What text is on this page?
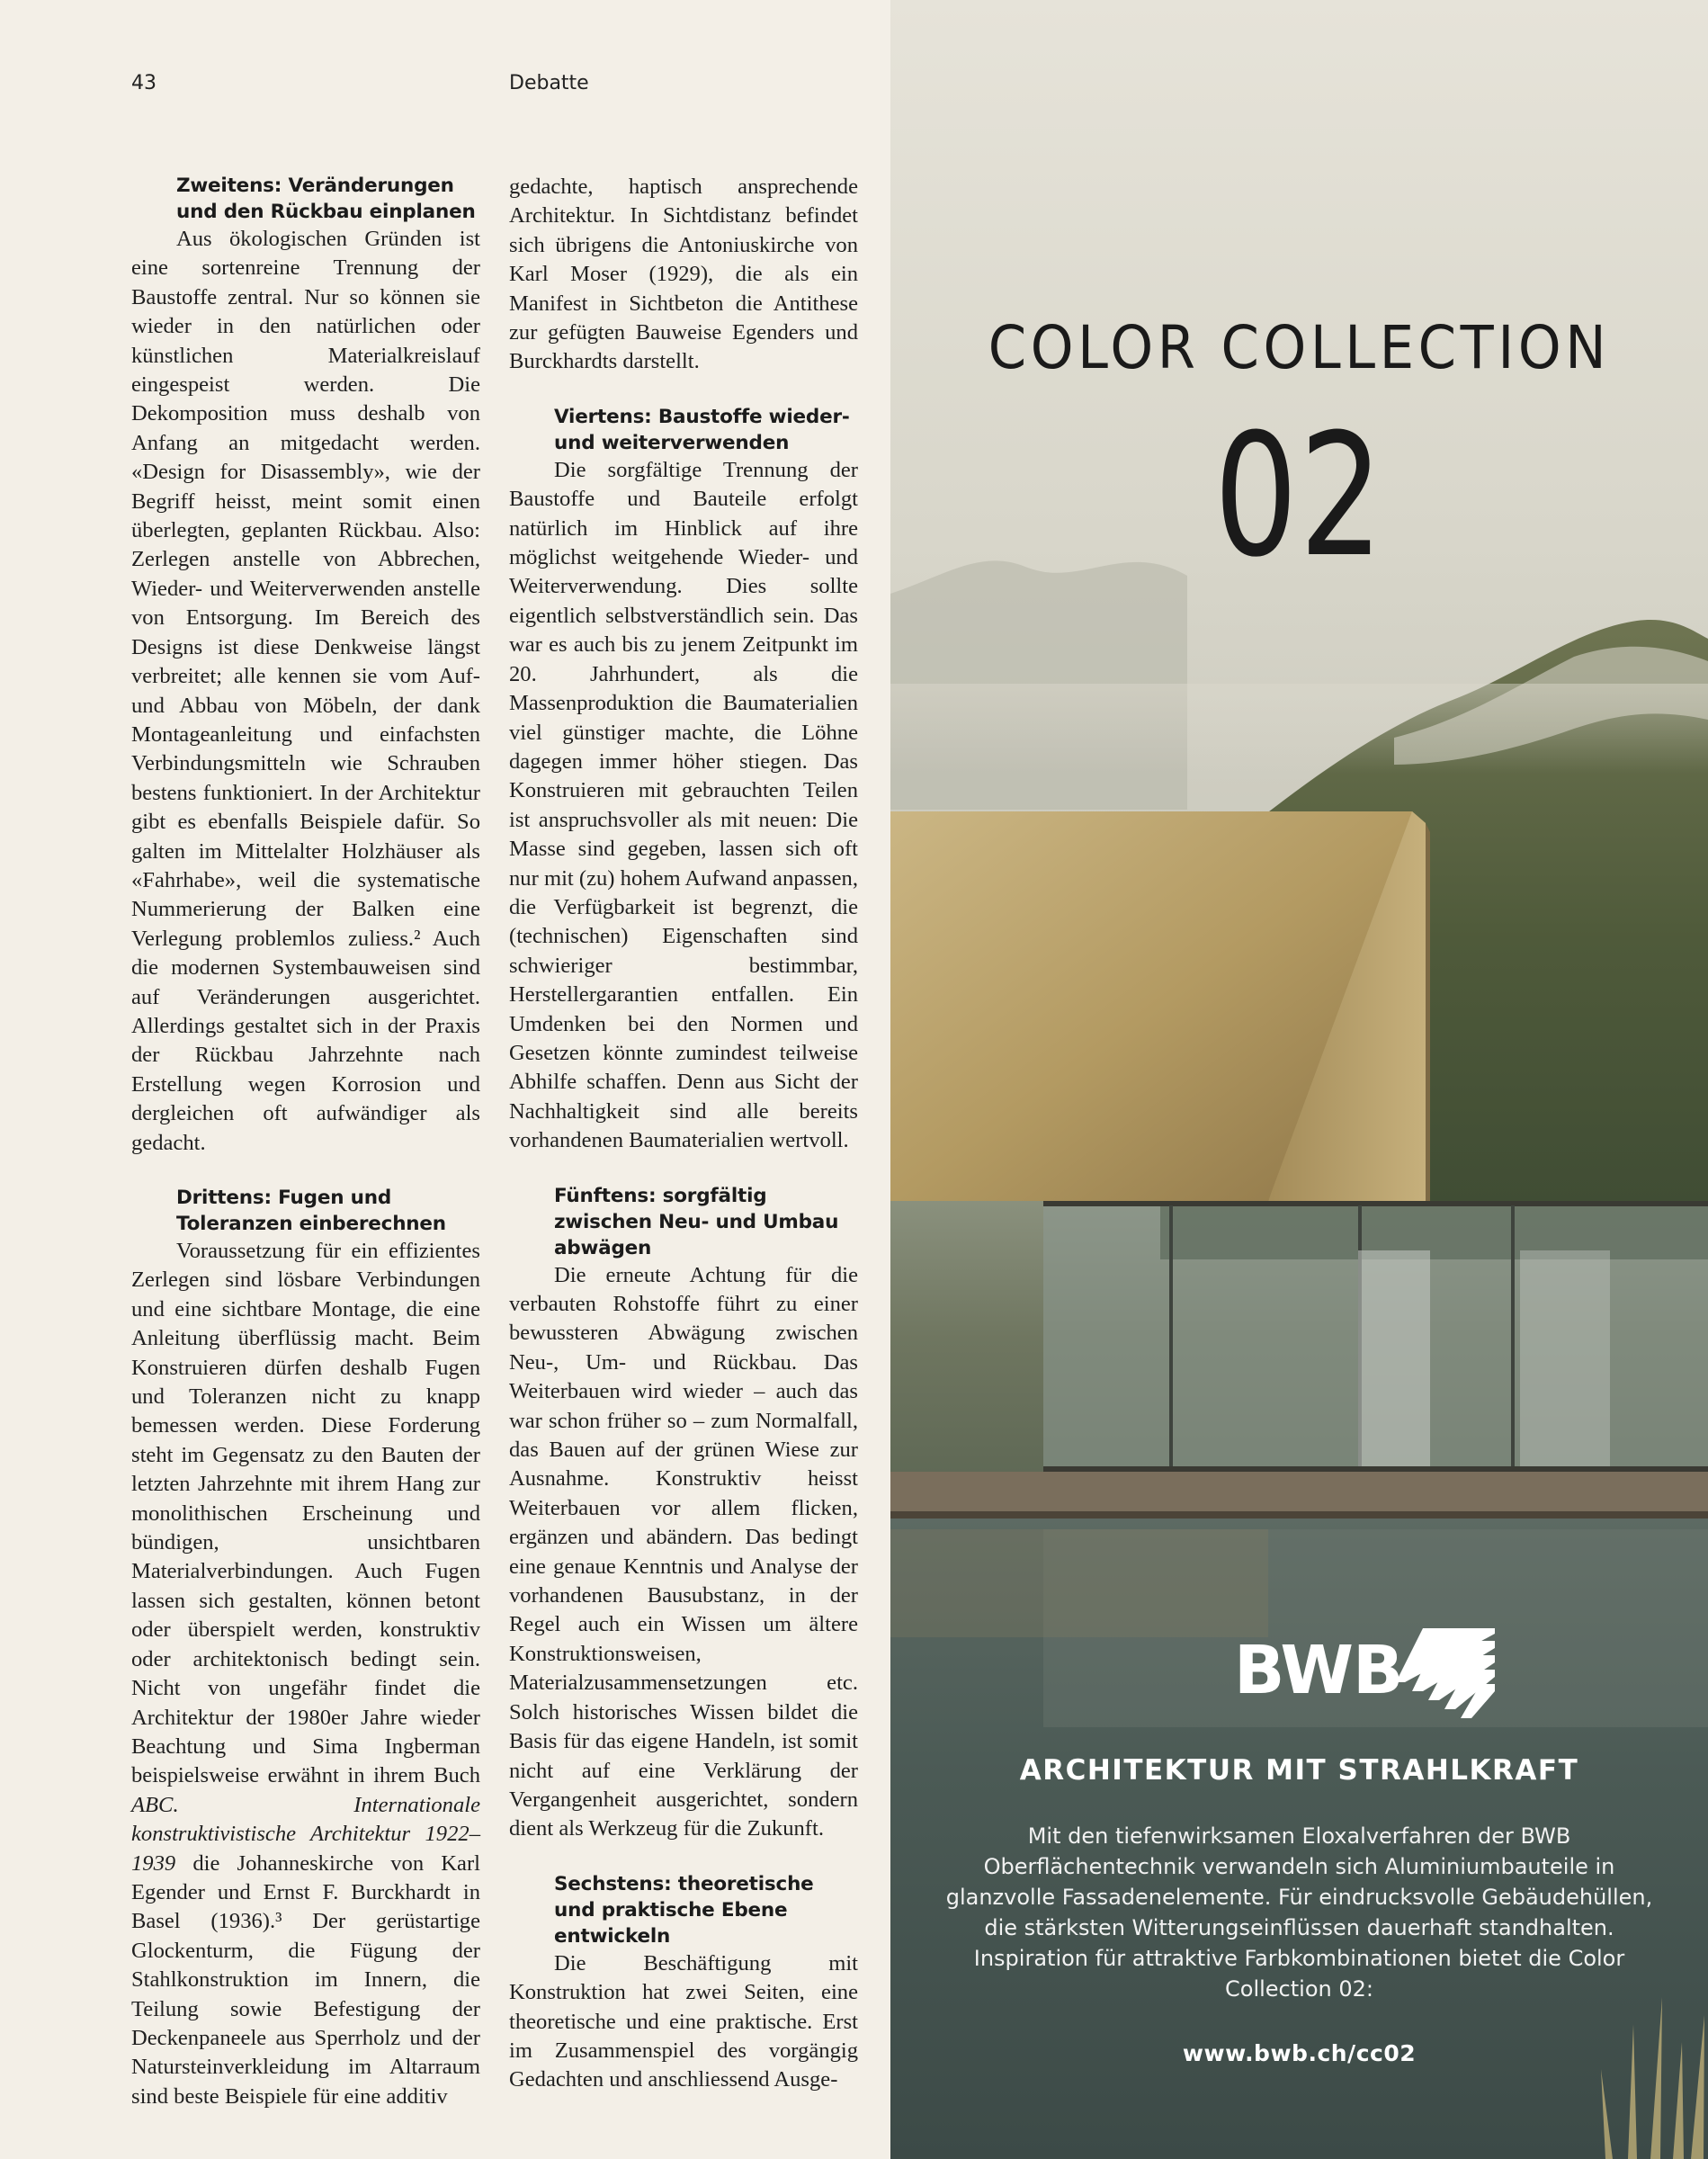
43	Debatte
Zweitens: Veränderungen und den Rückbau einplanen

Aus ökologischen Gründen ist eine sortenreine Trennung der Baustoffe zentral. Nur so können sie wieder in den natürlichen oder künstlichen Materialkreislauf eingespeist werden. Die Dekomposition muss deshalb von Anfang an mitgedacht werden. «Design for Disassembly», wie der Begriff heisst, meint somit einen überlegten, geplanten Rückbau. Also: Zerlegen anstelle von Abbrechen, Wieder- und Weiterverwenden anstelle von Entsorgung. Im Bereich des Designs ist diese Denkweise längst verbreitet; alle kennen sie vom Auf- und Abbau von Möbeln, der dank Montageanleitung und einfachsten Verbindungsmitteln wie Schrauben bestens funktioniert. In der Architektur gibt es ebenfalls Beispiele dafür. So galten im Mittelalter Holzhäuser als «Fahrhabe», weil die systematische Nummerierung der Balken eine Verlegung problemlos zuliess.² Auch die modernen Systembauweisen sind auf Veränderungen ausgerichtet. Allerdings gestaltet sich in der Praxis der Rückbau Jahrzehnte nach Erstellung wegen Korrosion und dergleichen oft aufwändiger als gedacht.

Drittens: Fugen und Toleranzen einberechnen

Voraussetzung für ein effizientes Zerlegen sind lösbare Verbindungen und eine sichtbare Montage, die eine Anleitung überflüssig macht. Beim Konstruieren dürfen deshalb Fugen und Toleranzen nicht zu knapp bemessen werden. Diese Forderung steht im Gegensatz zu den Bauten der letzten Jahrzehnte mit ihrem Hang zur monolithischen Erscheinung und bündigen, unsichtbaren Materialverbindungen. Auch Fugen lassen sich gestalten, können betont oder überspielt werden, konstruktiv oder architektonisch bedingt sein. Nicht von ungefähr findet die Architektur der 1980er Jahre wieder Beachtung und Sima Ingberman beispielsweise erwähnt in ihrem Buch ABC. Internationale konstruktivistische Architektur 1922–1939 die Johanneskirche von Karl Egender und Ernst F. Burckhardt in Basel (1936).³ Der gerüstartige Glockenturm, die Fügung der Stahlkonstruktion im Innern, die Teilung sowie Befestigung der Deckenpaneele aus Sperrholz und der Natursteinverkleidung im Altarraum sind beste Beispiele für eine additiv

gedachte, haptisch ansprechende Architektur. In Sichtdistanz befindet sich übrigens die Antoniuskirche von Karl Moser (1929), die als ein Manifest in Sichtbeton die Antithese zur gefügten Bauweise Egenders und Burckhardts darstellt.

Viertens: Baustoffe wieder- und weiterverwenden

Die sorgfältige Trennung der Baustoffe und Bauteile erfolgt natürlich im Hinblick auf ihre möglichst weitgehende Wieder- und Weiterverwendung. Dies sollte eigentlich selbstverständlich sein. Das war es auch bis zu jenem Zeitpunkt im 20. Jahrhundert, als die Massenproduktion die Baumaterialien viel günstiger machte, die Löhne dagegen immer höher stiegen. Das Konstruieren mit gebrauchten Teilen ist anspruchsvoller als mit neuen: Die Masse sind gegeben, lassen sich oft nur mit (zu) hohem Aufwand anpassen, die Verfügbarkeit ist begrenzt, die (technischen) Eigenschaften sind schwieriger bestimmbar, Herstellergarantien entfallen. Ein Umdenken bei den Normen und Gesetzen könnte zumindest teilweise Abhilfe schaffen. Denn aus Sicht der Nachhaltigkeit sind alle bereits vorhandenen Baumaterialien wertvoll.

Fünftens: sorgfältig zwischen Neu- und Umbau abwägen

Die erneute Achtung für die verbauten Rohstoffe führt zu einer bewussteren Abwägung zwischen Neu-, Um- und Rückbau. Das Weiterbauen wird wieder – auch das war schon früher so – zum Normalfall, das Bauen auf der grünen Wiese zur Ausnahme. Konstruktiv heisst Weiterbauen vor allem flicken, ergänzen und abändern. Das bedingt eine genaue Kenntnis und Analyse der vorhandenen Bausubstanz, in der Regel auch ein Wissen um ältere Konstruktionsweisen, Materialzusammensetzungen etc. Solch historisches Wissen bildet die Basis für das eigene Handeln, ist somit nicht auf eine Verklärung der Vergangenheit ausgerichtet, sondern dient als Werkzeug für die Zukunft.

Sechstens: theoretische und praktische Ebene entwickeln

Die Beschäftigung mit Konstruktion hat zwei Seiten, eine theoretische und eine praktische. Erst im Zusammenspiel des vorgängig Gedachten und anschliessend Ausge-

COLOR COLLECTION
02
BWB
ARCHITEKTUR MIT STRAHLKRAFT

Mit den tiefenwirksamen Eloxalverfahren der BWB Oberflächentechnik verwandeln sich Aluminiumbauteile in glanzvolle Fassadenelemente. Für eindrucksvolle Gebäudehüllen, die stärksten Witterungseinflüssen dauerhaft standhalten. Inspiration für attraktive Farbkombinationen bietet die Color Collection 02:

www.bwb.ch/cc02
